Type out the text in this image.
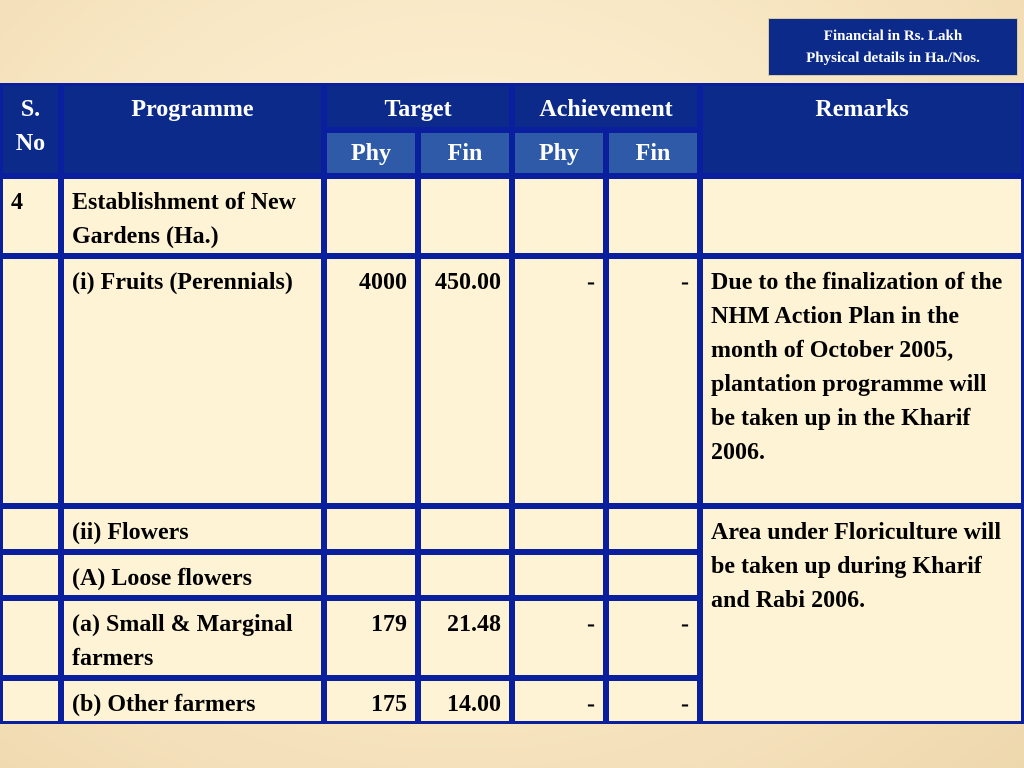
Financial in Rs. Lakh
Physical details in Ha./Nos.
S. No	Programme	Target		Achievement		Remarks
		Phy	Fin	Phy	Fin	
4	Establishment of New Gardens (Ha.)					
	(i) Fruits (Perennials)	4000	450.0​0	-	-	Due to the finalization of the NHM Action Plan in the month of October 2005, plantation programme will be taken up in the Kharif 2006.
	(ii) Flowers					Area under Floriculture will be taken up during Kharif and Rabi 2006.
	(A) Loose flowers					
	(a) Small & Marginal farmers	179	21.48	-	-	
	(b) Other farmers	175	14.00	-	-	
